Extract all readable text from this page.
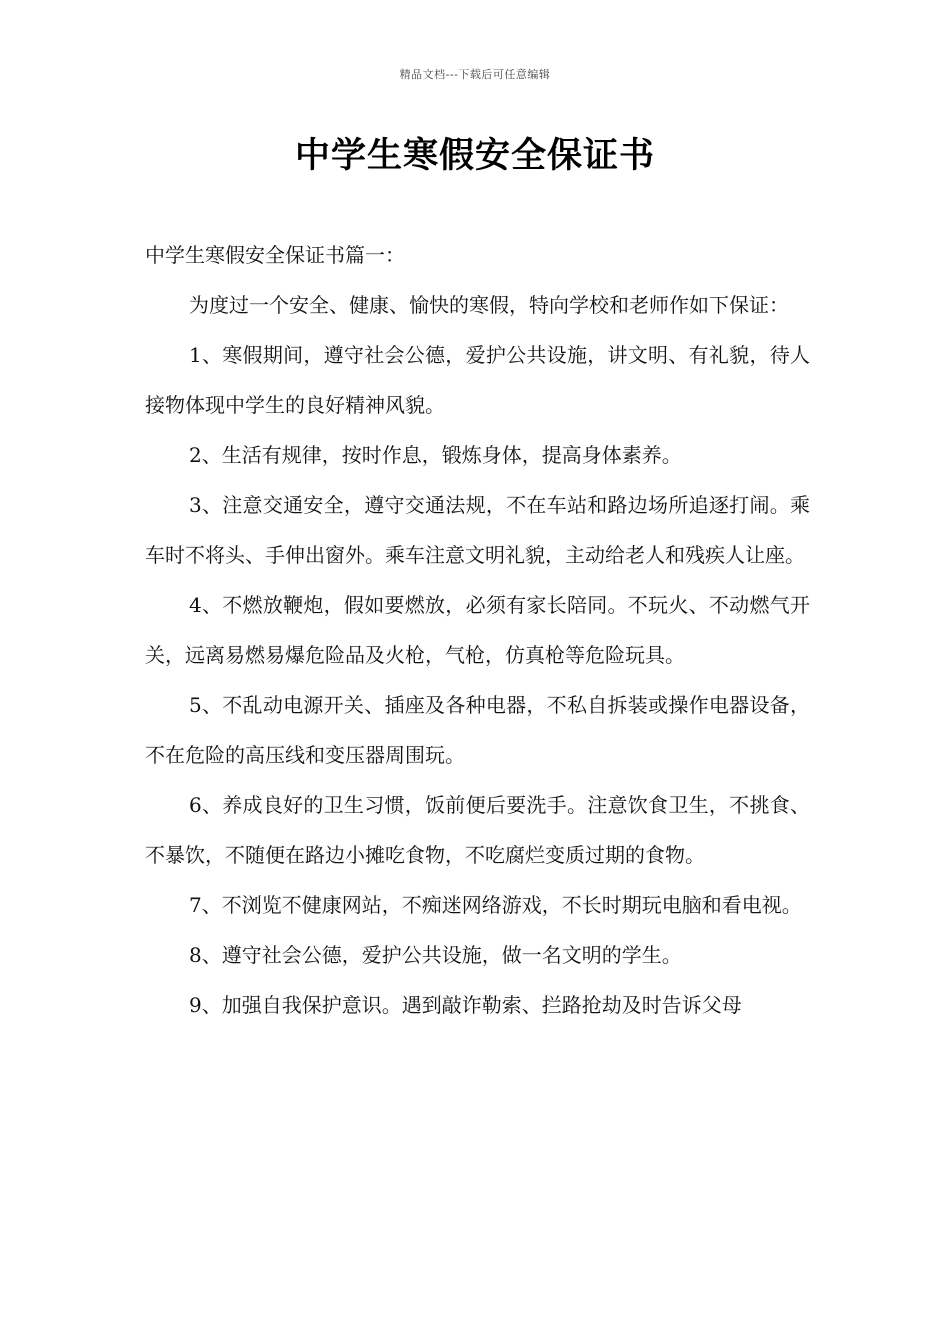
精品文档---下载后可任意编辑
中学生寒假安全保证书

中学生寒假安全保证书篇一：

为度过一个安全、健康、愉快的寒假，特向学校和老师作如下保证：

1、寒假期间，遵守社会公德，爱护公共设施，讲文明、有礼貌，待人接物体现中学生的良好精神风貌。

2、生活有规律，按时作息，锻炼身体，提高身体素养。

3、注意交通安全，遵守交通法规，不在车站和路边场所追逐打闹。乘车时不将头、手伸出窗外。乘车注意文明礼貌，主动给老人和残疾人让座。

4、不燃放鞭炮，假如要燃放，必须有家长陪同。不玩火、不动燃气开关，远离易燃易爆危险品及火枪，气枪，仿真枪等危险玩具。

5、不乱动电源开关、插座及各种电器，不私自拆装或操作电器设备，不在危险的高压线和变压器周围玩。

6、养成良好的卫生习惯，饭前便后要洗手。注意饮食卫生，不挑食、不暴饮，不随便在路边小摊吃食物，不吃腐烂变质过期的食物。

7、不浏览不健康网站，不痴迷网络游戏，不长时期玩电脑和看电视。

8、遵守社会公德，爱护公共设施，做一名文明的学生。

9、加强自我保护意识。遇到敲诈勒索、拦路抢劫及时告诉父母
